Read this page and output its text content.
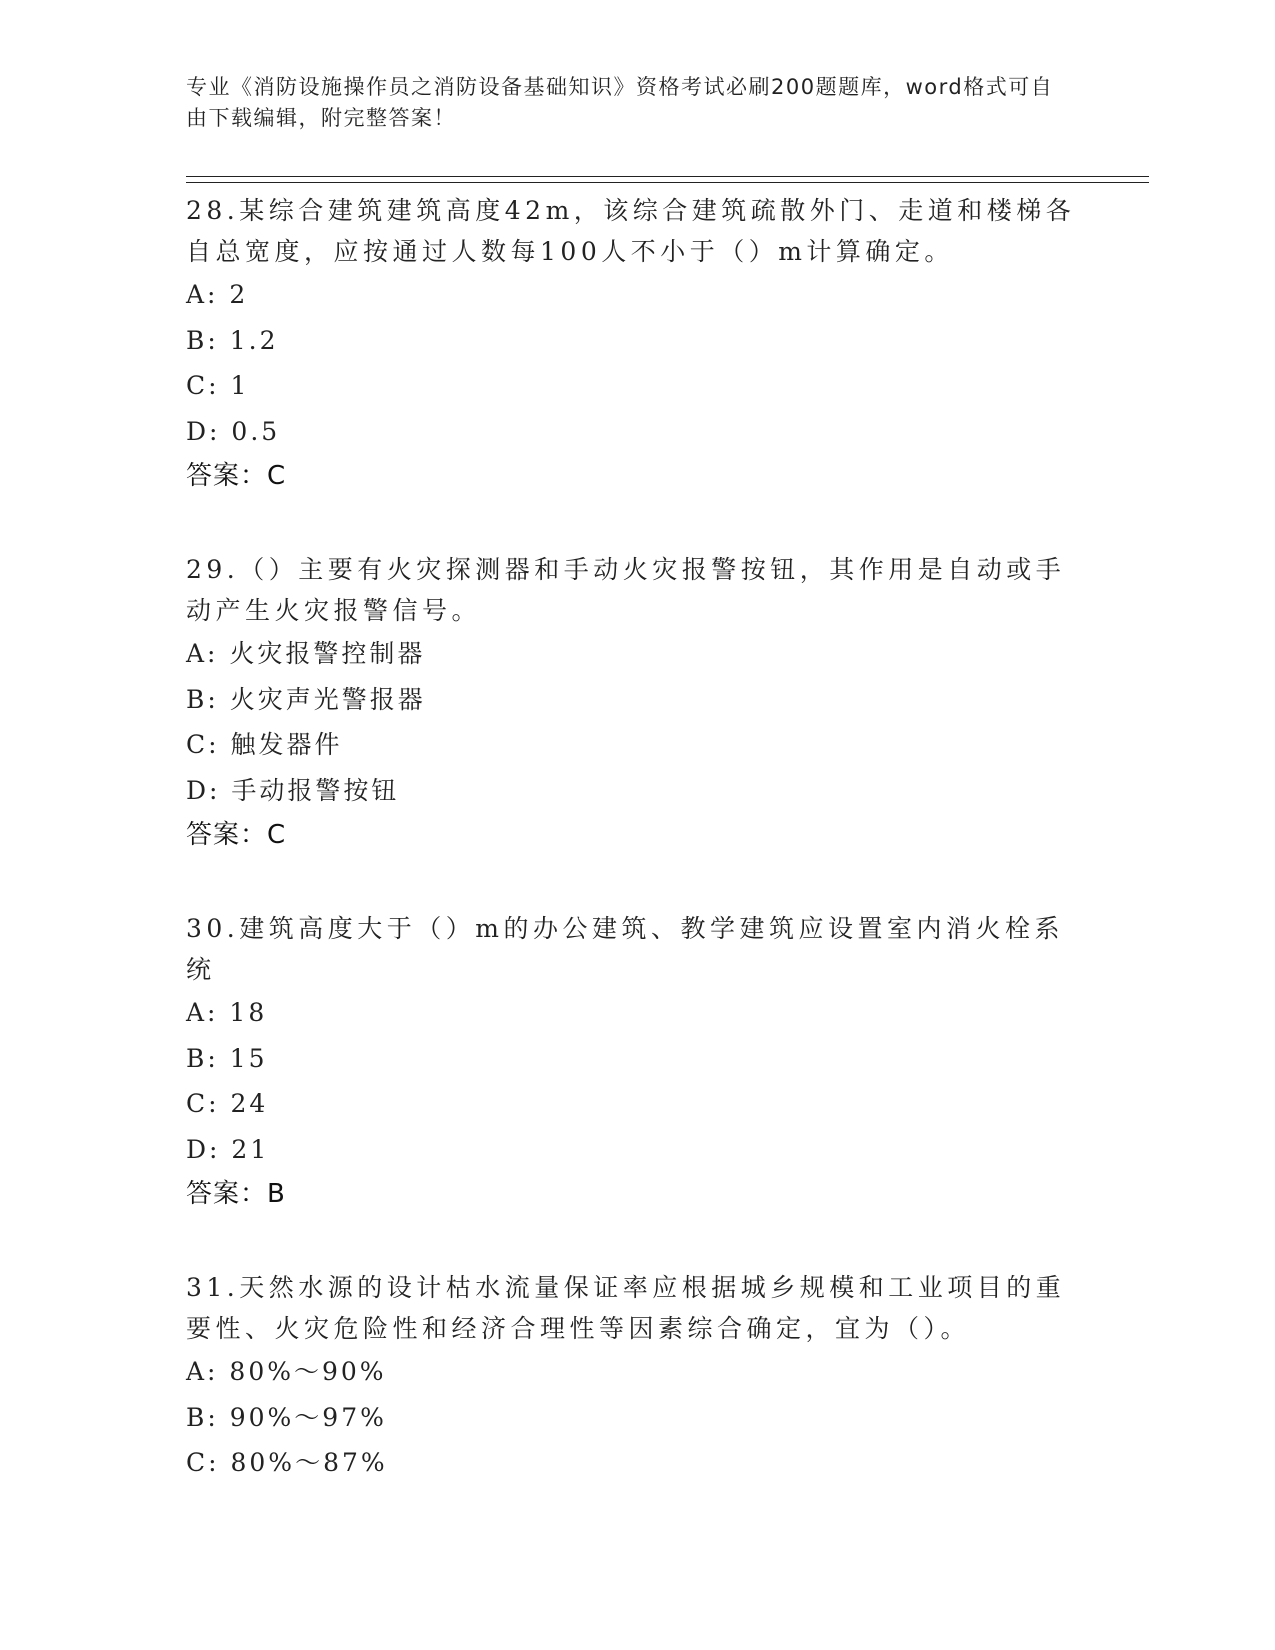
专业《消防设施操作员之消防设备基础知识》资格考试必刷200题题库，word格式可自由下载编辑，附完整答案！

28.某综合建筑建筑高度42m，该综合建筑疏散外门、走道和楼梯各自总宽度，应按通过人数每100人不小于（）m计算确定。

A: 2

B: 1.2

C: 1

D: 0.5

答案：C

29.（）主要有火灾探测器和手动火灾报警按钮，其作用是自动或手动产生火灾报警信号。

A: 火灾报警控制器

B: 火灾声光警报器

C: 触发器件

D: 手动报警按钮

答案：C

30.建筑高度大于（）m的办公建筑、教学建筑应设置室内消火栓系统

A: 18

B: 15

C: 24

D: 21

答案：B

31.天然水源的设计枯水流量保证率应根据城乡规模和工业项目的重要性、火灾危险性和经济合理性等因素综合确定，宜为（）。

A: 80%～90%

B: 90%～97%

C: 80%～87%
